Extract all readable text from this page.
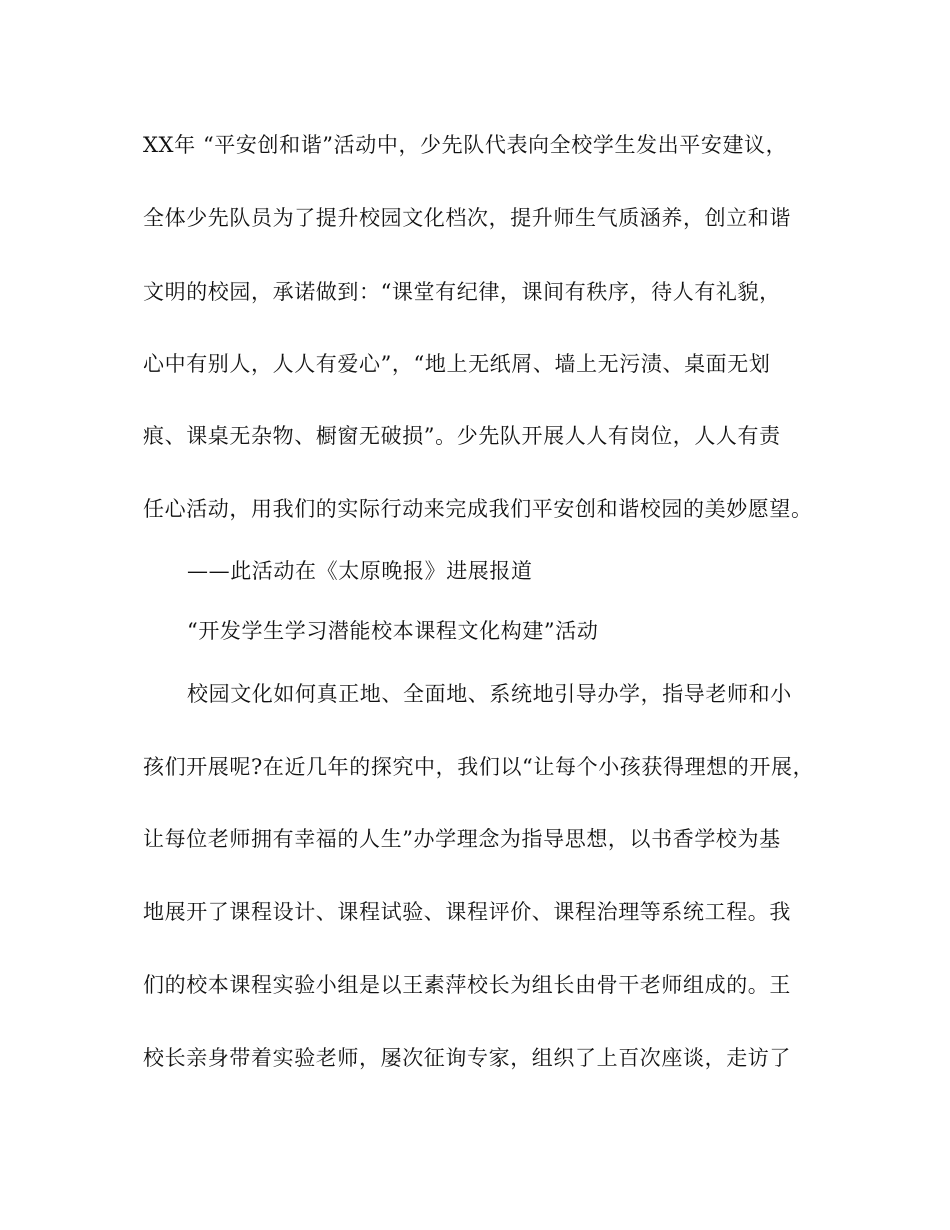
XX年 “平安创和谐”活动中，少先队代表向全校学生发出平安建议，
全体少先队员为了提升校园文化档次，提升师生气质涵养，创立和谐
文明的校园，承诺做到：“课堂有纪律，课间有秩序，待人有礼貌，
心中有别人，人人有爱心”，“地上无纸屑、墙上无污渍、桌面无划
痕、课桌无杂物、橱窗无破损”。少先队开展人人有岗位，人人有责
任心活动，用我们的实际行动来完成我们平安创和谐校园的美妙愿望。
——此活动在《太原晚报》进展报道
“开发学生学习潜能校本课程文化构建”活动
校园文化如何真正地、全面地、系统地引导办学，指导老师和小
孩们开展呢?在近几年的探究中，我们以“让每个小孩获得理想的开展，
让每位老师拥有幸福的人生”办学理念为指导思想，以书香学校为基
地展开了课程设计、课程试验、课程评价、课程治理等系统工程。我
们的校本课程实验小组是以王素萍校长为组长由骨干老师组成的。王
校长亲身带着实验老师，屡次征询专家，组织了上百次座谈，走访了
